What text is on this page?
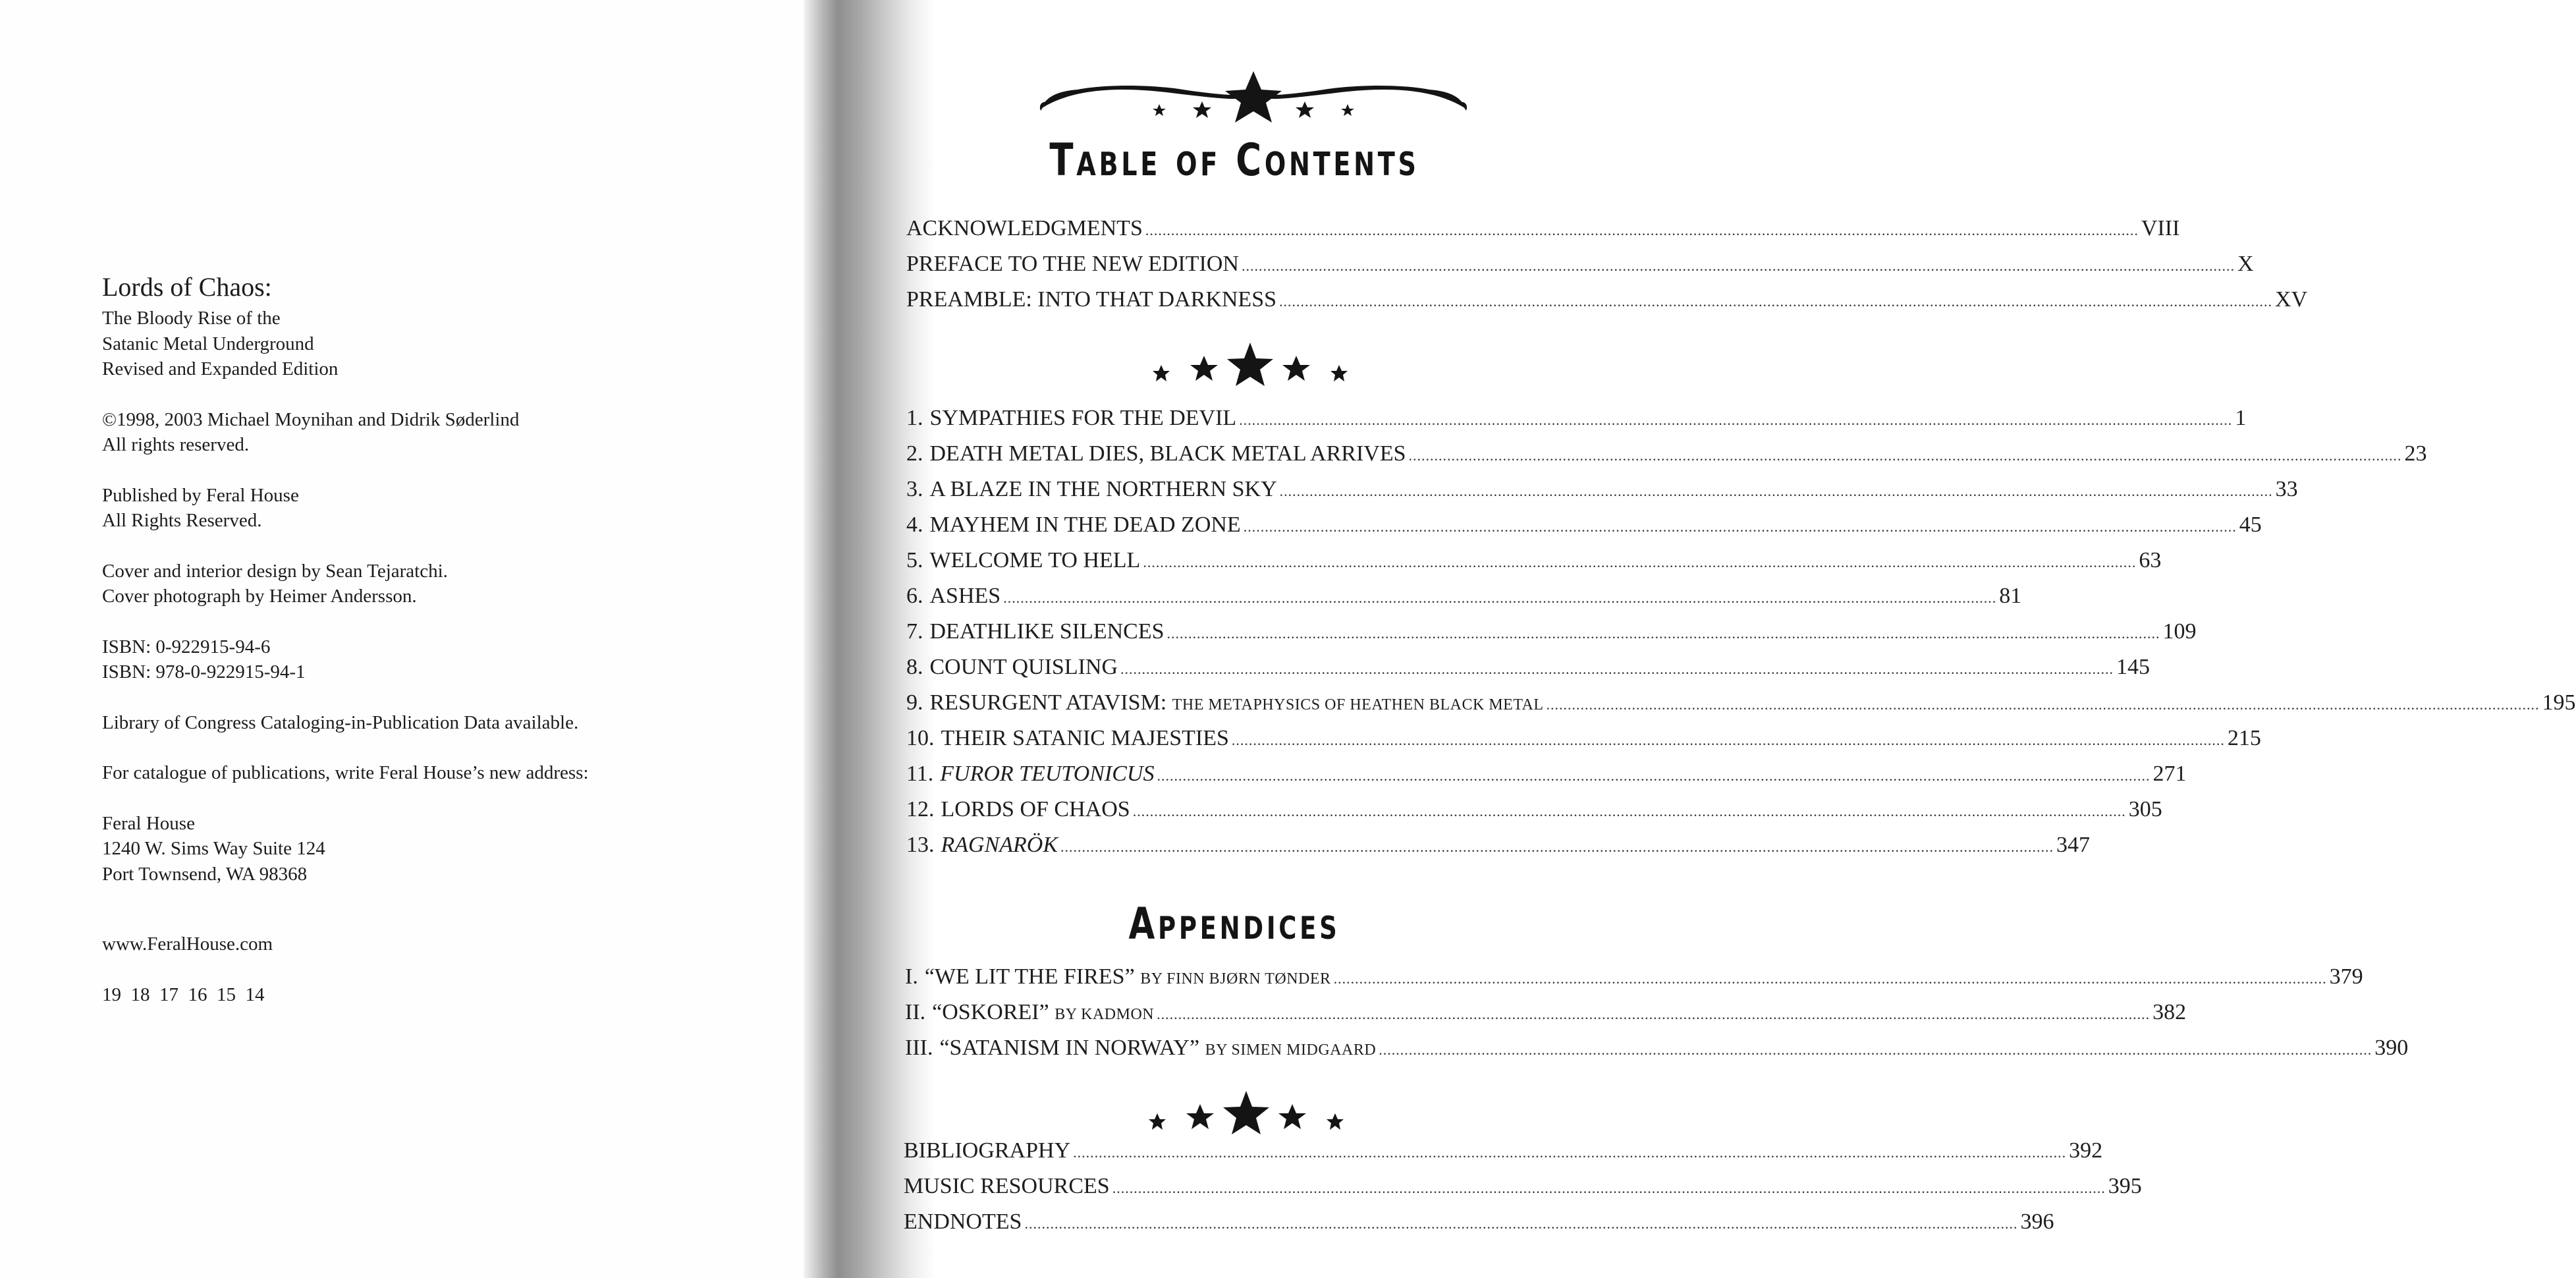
Lords of Chaos:

The Bloody Rise of the

Satanic Metal Underground

Revised and Expanded Edition

©1998, 2003 Michael Moynihan and Didrik Søderlind

All rights reserved.

Published by Feral House

All Rights Reserved.

Cover and interior design by Sean Tejaratchi.

Cover photograph by Heimer Andersson.

ISBN: 0-922915-94-6

ISBN: 978-0-922915-94-1

Library of Congress Cataloging-in-Publication Data available.

For catalogue of publications, write Feral House’s new address:

Feral House

1240 W. Sims Way Suite 124

Port Townsend, WA 98368

www.FeralHouse.com

19  18  17  16  15  14

TABLE OF CONTENTS
ACKNOWLEDGMENTS .....	VIII
PREFACE TO THE NEW EDITION .....	X
PREAMBLE: INTO THAT DARKNESS .....	XV
1. SYMPATHIES FOR THE DEVIL .....	1
2. DEATH METAL DIES, BLACK METAL ARRIVES .....	23
3. A BLAZE IN THE NORTHERN SKY .....	33
4. MAYHEM IN THE DEAD ZONE .....	45
5. WELCOME TO HELL .....	63
6. ASHES .....	81
7. DEATHLIKE SILENCES .....	109
8. COUNT QUISLING .....	145
9. RESURGENT ATAVISM:
THE METAPHYSICS OF HEATHEN BLACK METAL .....	195
10. THEIR SATANIC MAJESTIES .....	215
11. FUROR TEUTONICUS .....	271
12. LORDS OF CHAOS .....	305
13. RAGNARÖK .....	347
APPENDICES
I. “WE LIT THE FIRES”
BY FINN BJØRN TØNDER .....	379
II. “OSKOREI”
BY KADMON .....	382
III. “SATANISM IN NORWAY”
BY SIMEN MIDGAARD .....	390
BIBLIOGRAPHY .....	392
MUSIC RESOURCES .....	395
ENDNOTES .....	396
